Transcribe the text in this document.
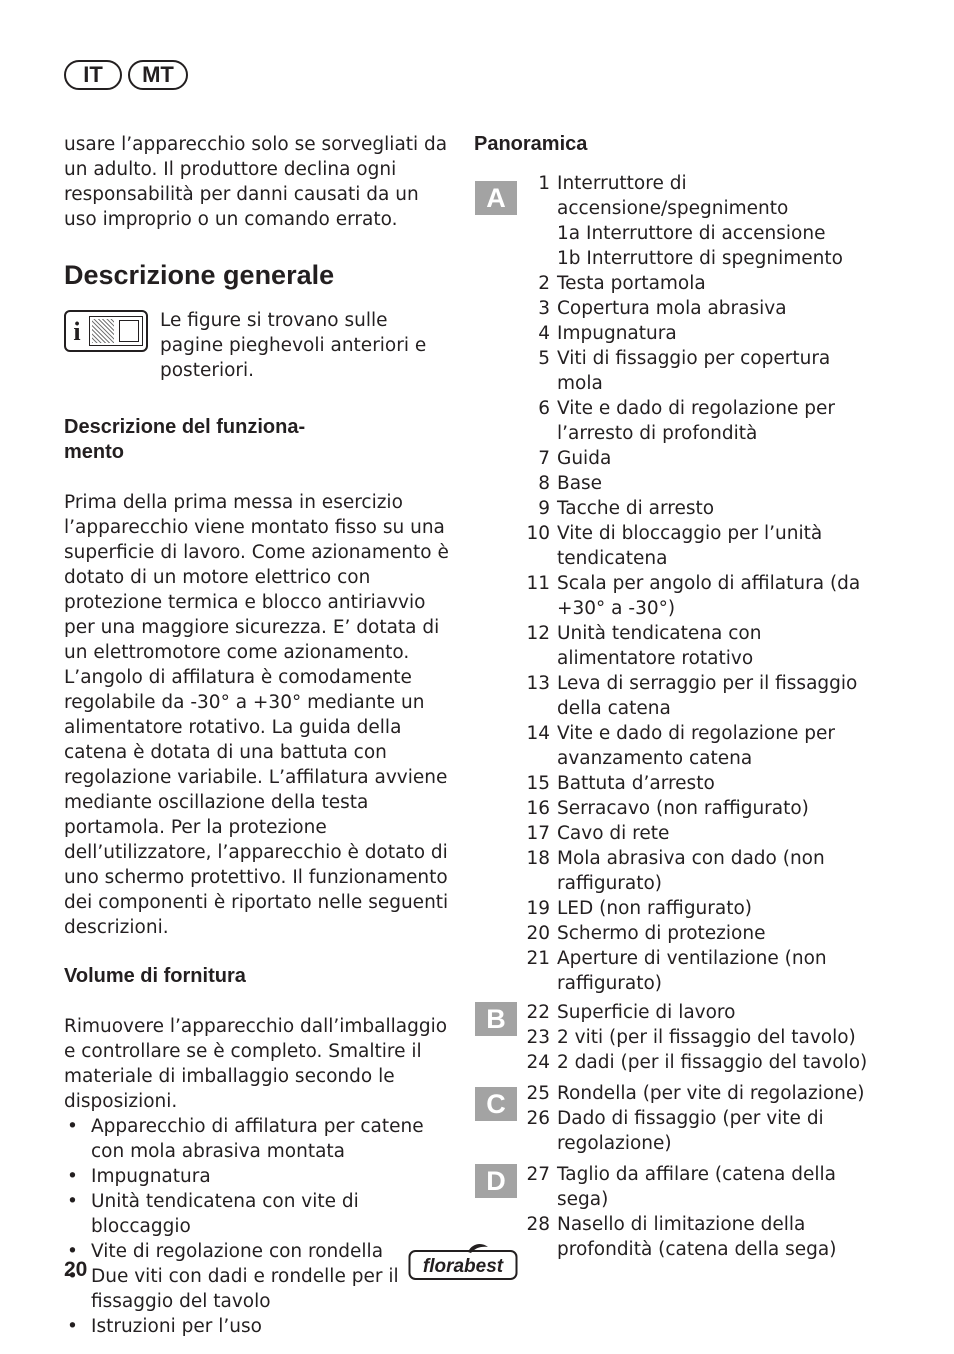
IT	MT

usare l’apparecchio solo se sorvegliati da un adulto. Il produttore declina ogni responsabilità per danni causati da un uso improprio o un comando errato.

Descrizione generale
i	Le figure si trovano sulle pagine pieghevoli anteriori e posteriori.

Descrizione del funziona-
mento

Prima della prima messa in esercizio l’apparecchio viene montato fisso su una superficie di lavoro. Come azionamento è dotato di un motore elettrico con protezione termica e blocco antiriavvio per una maggiore sicurezza. E’ dotata di un elettromotore come azionamento. L’angolo di affilatura è comodamente regolabile da -30° a +30° mediante un alimentatore rotativo. La guida della catena è dotata di una battuta con regolazione variabile. L’affilatura avviene mediante oscillazione della testa portamola. Per la protezione dell’utilizzatore, l’apparecchio è dotato di uno schermo protettivo. Il funzionamento dei componenti è riportato nelle seguenti descrizioni.

Volume di fornitura

Rimuovere l’apparecchio dall’imballaggio e controllare se è completo. Smaltire il materiale di imballaggio secondo le disposizioni.

• Apparecchio di affilatura per catene con mola abrasiva montata
• Impugnatura
• Unità tendicatena con vite di bloccaggio
• Vite di regolazione con rondella
• Due viti con dadi e rondelle per il fissaggio del tavolo
• Istruzioni per l’uso
Panoramica
A	1 Interruttore di accensione/spegnimento
1a Interruttore di accensione
1b Interruttore di spegnimento
2 Testa portamola
3 Copertura mola abrasiva
4 Impugnatura
5 Viti di fissaggio per copertura mola
6 Vite e dado di regolazione per l’arresto di profondità
7 Guida
8 Base
9 Tacche di arresto
10 Vite di bloccaggio per l’unità tendicatena
11 Scala per angolo di affilatura (da +30° a -30°)
12 Unità tendicatena con alimentatore rotativo
13 Leva di serraggio per il fissaggio della catena
14 Vite e dado di regolazione per avanzamento catena
15 Battuta d’arresto
16 Serracavo (non raffigurato)
17 Cavo di rete
18 Mola abrasiva con dado (non raffigurato)
19 LED (non raffigurato)
20 Schermo di protezione
21 Aperture di ventilazione (non raffigurato)
B	22 Superficie di lavoro
23 2 viti (per il fissaggio del tavolo)
24 2 dadi (per il fissaggio del tavolo)
C	25 Rondella (per vite di regolazione)
26 Dado di fissaggio (per vite di regolazione)
D	27 Taglio da affilare (catena della sega)
28 Nasello di limitazione della profondità (catena della sega)
20	florabest
